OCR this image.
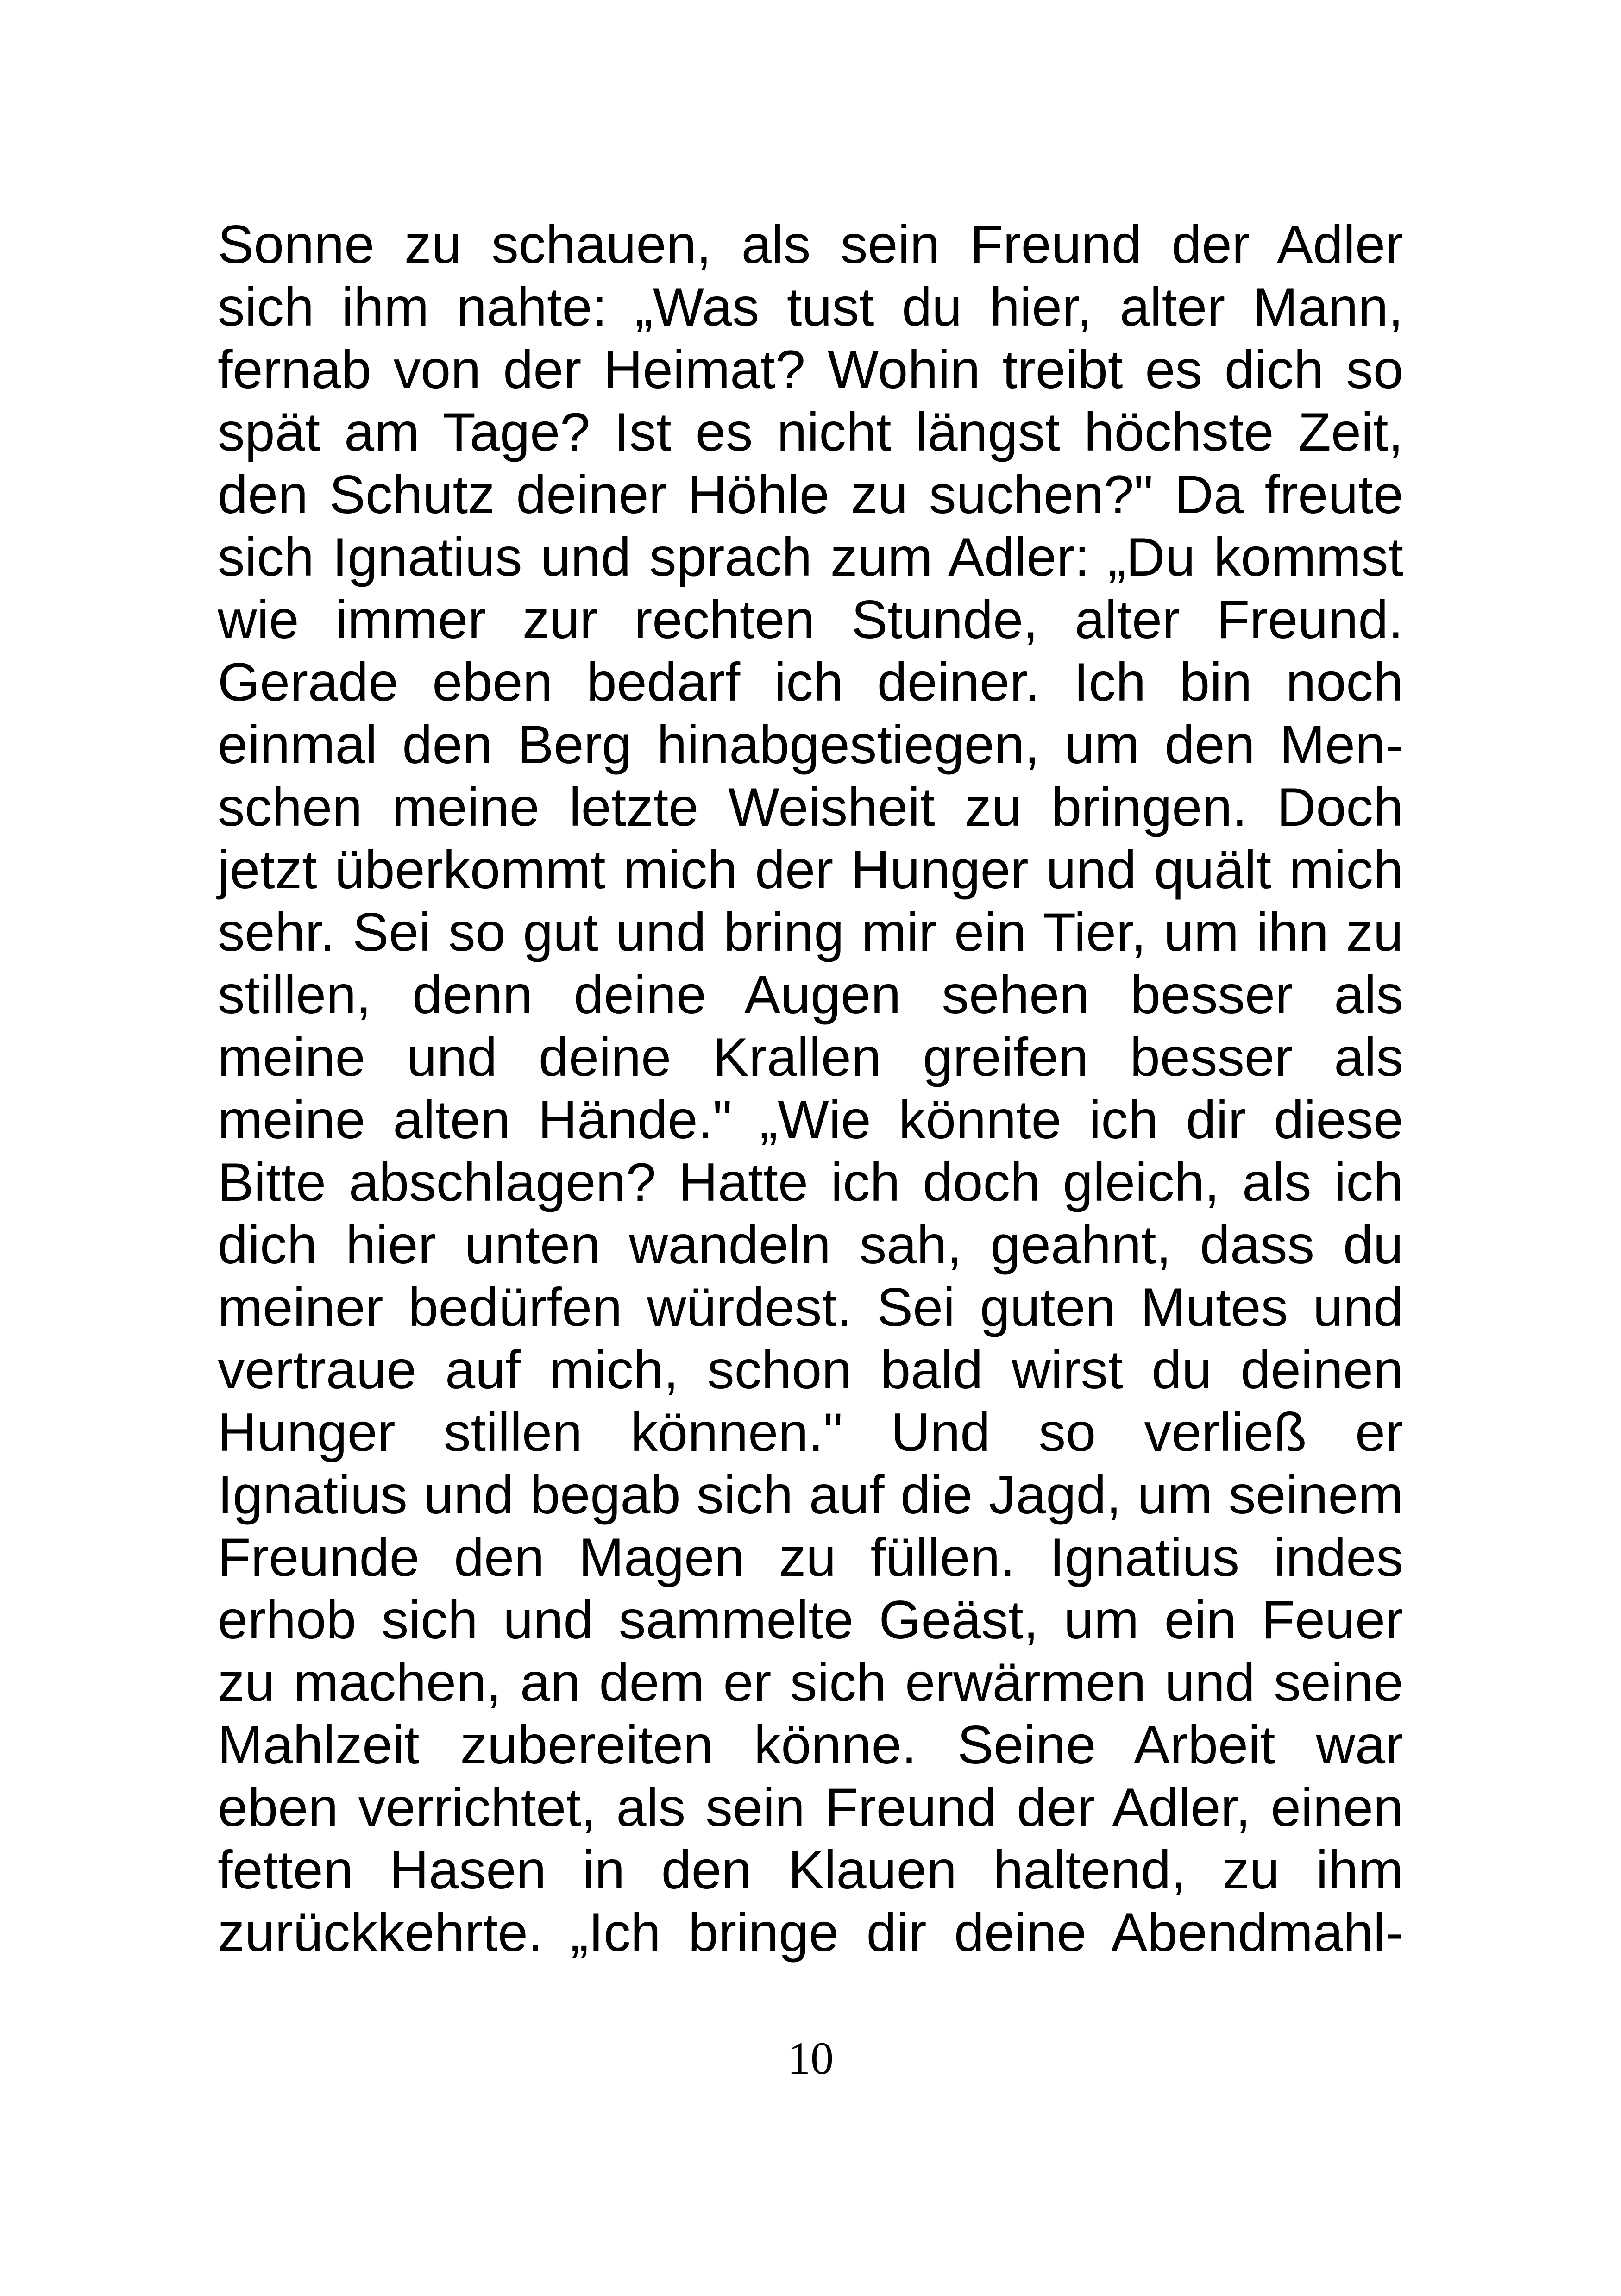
Sonne zu schauen, als sein Freund der Adler
sich ihm nahte: „Was tust du hier, alter Mann,
fernab von der Heimat? Wohin treibt es dich so
spät am Tage? Ist es nicht längst höchste Zeit,
den Schutz deiner Höhle zu suchen?" Da freute
sich Ignatius und sprach zum Adler: „Du kommst
wie immer zur rechten Stunde, alter Freund.
Gerade eben bedarf ich deiner. Ich bin noch
einmal den Berg hinabgestiegen, um den Men-
schen meine letzte Weisheit zu bringen. Doch
jetzt überkommt mich der Hunger und quält mich
sehr. Sei so gut und bring mir ein Tier, um ihn zu
stillen, denn deine Augen sehen besser als
meine und deine Krallen greifen besser als
meine alten Hände." „Wie könnte ich dir diese
Bitte abschlagen? Hatte ich doch gleich, als ich
dich hier unten wandeln sah, geahnt, dass du
meiner bedürfen würdest. Sei guten Mutes und
vertraue auf mich, schon bald wirst du deinen
Hunger stillen können." Und so verließ er
Ignatius und begab sich auf die Jagd, um seinem
Freunde den Magen zu füllen. Ignatius indes
erhob sich und sammelte Geäst, um ein Feuer
zu machen, an dem er sich erwärmen und seine
Mahlzeit zubereiten könne. Seine Arbeit war
eben verrichtet, als sein Freund der Adler, einen
fetten Hasen in den Klauen haltend, zu ihm
zurückkehrte. „Ich bringe dir deine Abendmahl-
10
